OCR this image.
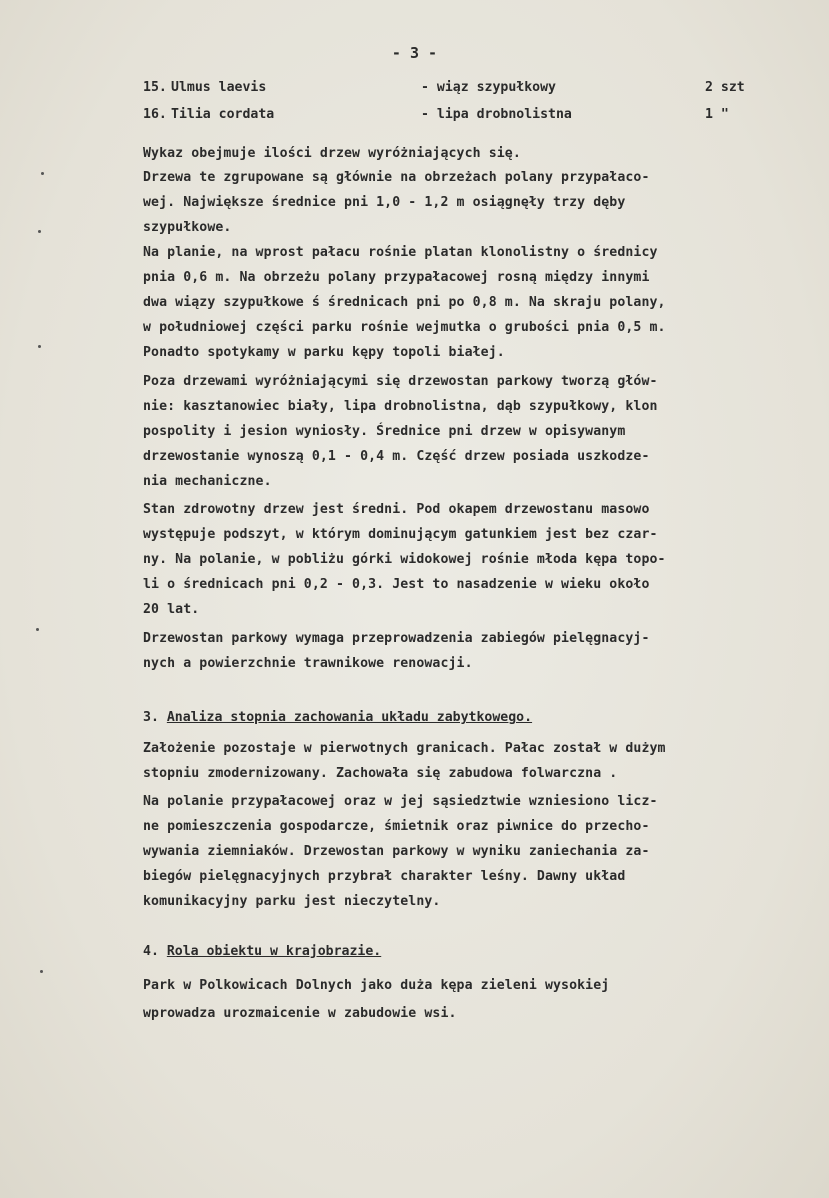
- 3 -
15. Ulmus laevis	- wiąz szypułkowy	2 szt
16. Tilia cordata	- lipa drobnolistna	1 "
Wykaz obejmuje ilości drzew wyróżniających się.
Drzewa te zgrupowane są głównie na obrzeżach polany przypałaco-
wej. Największe średnice pni 1,0 - 1,2 m osiągnęły trzy dęby
szypułkowe.
Na planie, na wprost pałacu rośnie platan klonolistny o średnicy
pnia 0,6 m. Na obrzeżu polany przypałacowej rosną między innymi
dwa wiązy szypułkowe ś średnicach pni po 0,8 m. Na skraju polany,
w południowej części parku rośnie wejmutka o grubości pnia 0,5 m.
Ponadto spotykamy w parku kępy topoli białej.
Poza drzewami wyróżniającymi się drzewostan parkowy tworzą głów-
nie: kasztanowiec biały, lipa drobnolistna, dąb szypułkowy, klon
pospolity i jesion wyniosły. Średnice pni drzew w opisywanym
drzewostanie wynoszą 0,1 - 0,4 m. Część drzew posiada uszkodze-
nia mechaniczne.
Stan zdrowotny drzew jest średni. Pod okapem drzewostanu masowo
występuje podszyt, w którym dominującym gatunkiem jest bez czar-
ny. Na polanie, w pobliżu górki widokowej rośnie młoda kępa topo-
li o średnicach pni 0,2 - 0,3. Jest to nasadzenie w wieku około
20 lat.
Drzewostan parkowy wymaga przeprowadzenia zabiegów pielęgnacyj-
nych a powierzchnie trawnikowe renowacji.
3. Analiza stopnia zachowania układu zabytkowego.
Założenie pozostaje w pierwotnych granicach. Pałac został w dużym
stopniu zmodernizowany. Zachowała się zabudowa folwarczna .
Na polanie przypałacowej oraz w jej sąsiedztwie wzniesiono licz-
ne pomieszczenia gospodarcze, śmietnik oraz piwnice do przecho-
wywania ziemniaków. Drzewostan parkowy w wyniku zaniechania za-
biegów pielęgnacyjnych przybrał charakter leśny. Dawny układ
komunikacyjny parku jest nieczytelny.
4. Rola obiektu w krajobrazie.
Park w Polkowicach Dolnych jako duża kępa zieleni wysokiej
wprowadza urozmaicenie w zabudowie wsi.
